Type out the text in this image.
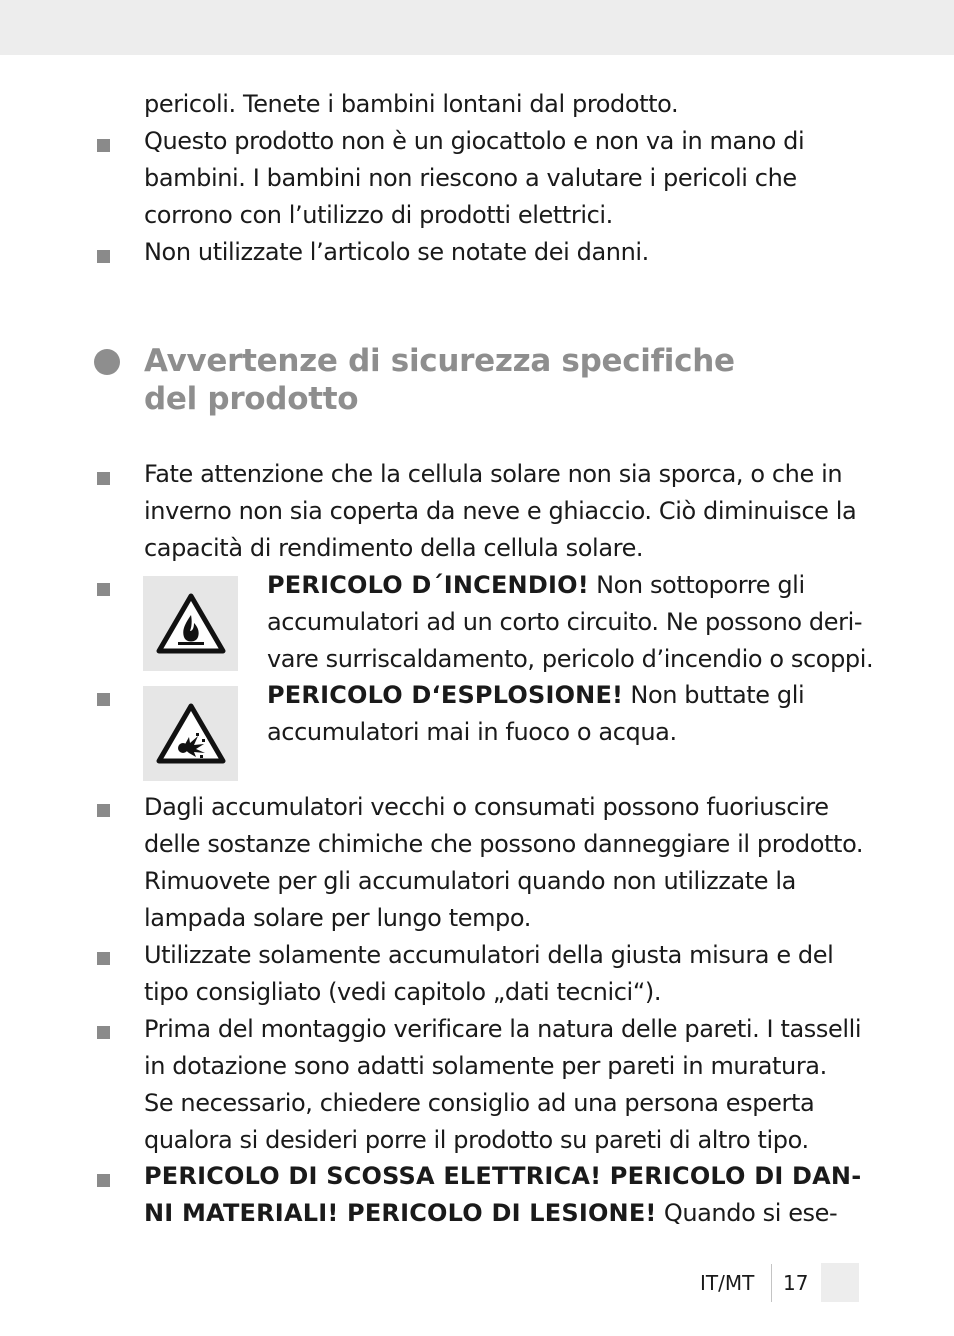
pericoli. Tenete i bambini lontani dal prodotto.
Questo prodotto non è un giocattolo e non va in mano di
bambini. I bambini non riescono a valutare i pericoli che
corrono con l’utilizzo di prodotti elettrici.
Non utilizzate l’articolo se notate dei danni.
Avvertenze di sicurezza specifiche
del prodotto
Fate attenzione che la cellula solare non sia sporca, o che in
inverno non sia coperta da neve e ghiaccio. Ciò diminuisce la
capacità di rendimento della cellula solare.
PERICOLO D´INCENDIO! Non sottoporre gli
accumulatori ad un corto circuito. Ne possono deri-
vare surriscaldamento, pericolo d’incendio o scoppi.
PERICOLO D‘ESPLOSIONE! Non buttate gli
accumulatori mai in fuoco o acqua.
Dagli accumulatori vecchi o consumati possono fuoriuscire
delle sostanze chimiche che possono danneggiare il prodotto.
Rimuovete per gli accumulatori quando non utilizzate la
lampada solare per lungo tempo.
Utilizzate solamente accumulatori della giusta misura e del
tipo consigliato (vedi capitolo „dati tecnici“).
Prima del montaggio verificare la natura delle pareti. I tasselli
in dotazione sono adatti solamente per pareti in muratura.
Se necessario, chiedere consiglio ad una persona esperta
qualora si desideri porre il prodotto su pareti di altro tipo.
PERICOLO DI SCOSSA ELETTRICA! PERICOLO DI DAN-
NI MATERIALI! PERICOLO DI LESIONE! Quando si ese-
IT/MT 17
